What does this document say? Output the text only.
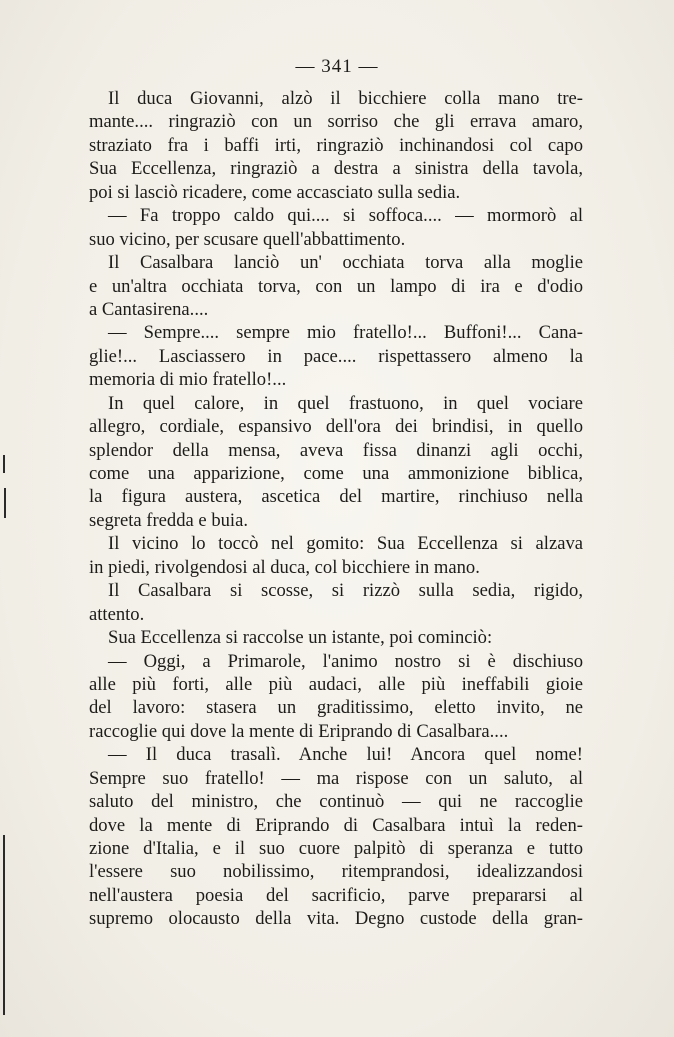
— 341 —
Il duca Giovanni, alzò il bicchiere colla mano tre-
mante.... ringraziò con un sorriso che gli errava amaro,
straziato fra i baffi irti, ringraziò inchinandosi col capo
Sua Eccellenza, ringraziò a destra a sinistra della tavola,
poi si lasciò ricadere, come accasciato sulla sedia.
— Fa troppo caldo qui.... si soffoca.... — mormorò al
suo vicino, per scusare quell'abbattimento.
Il Casalbara lanciò un' occhiata torva alla moglie
e un'altra occhiata torva, con un lampo di ira e d'odio
a Cantasirena....
— Sempre.... sempre mio fratello!... Buffoni!... Cana-
glie!... Lasciassero in pace.... rispettassero almeno la
memoria di mio fratello!...
In quel calore, in quel frastuono, in quel vociare
allegro, cordiale, espansivo dell'ora dei brindisi, in quello
splendor della mensa, aveva fissa dinanzi agli occhi,
come una apparizione, come una ammonizione biblica,
la figura austera, ascetica del martire, rinchiuso nella
segreta fredda e buia.
Il vicino lo toccò nel gomito: Sua Eccellenza si alzava
in piedi, rivolgendosi al duca, col bicchiere in mano.
Il Casalbara si scosse, si rizzò sulla sedia, rigido,
attento.
Sua Eccellenza si raccolse un istante, poi cominciò:
— Oggi, a Primarole, l'animo nostro si è dischiuso
alle più forti, alle più audaci, alle più ineffabili gioie
del lavoro: stasera un graditissimo, eletto invito, ne
raccoglie qui dove la mente di Eriprando di Casalbara....
— Il duca trasalì. Anche lui! Ancora quel nome!
Sempre suo fratello! — ma rispose con un saluto, al
saluto del ministro, che continuò — qui ne raccoglie
dove la mente di Eriprando di Casalbara intuì la reden-
zione d'Italia, e il suo cuore palpitò di speranza e tutto
l'essere suo nobilissimo, ritemprandosi, idealizzandosi
nell'austera poesia del sacrificio, parve prepararsi al
supremo olocausto della vita. Degno custode della gran-
